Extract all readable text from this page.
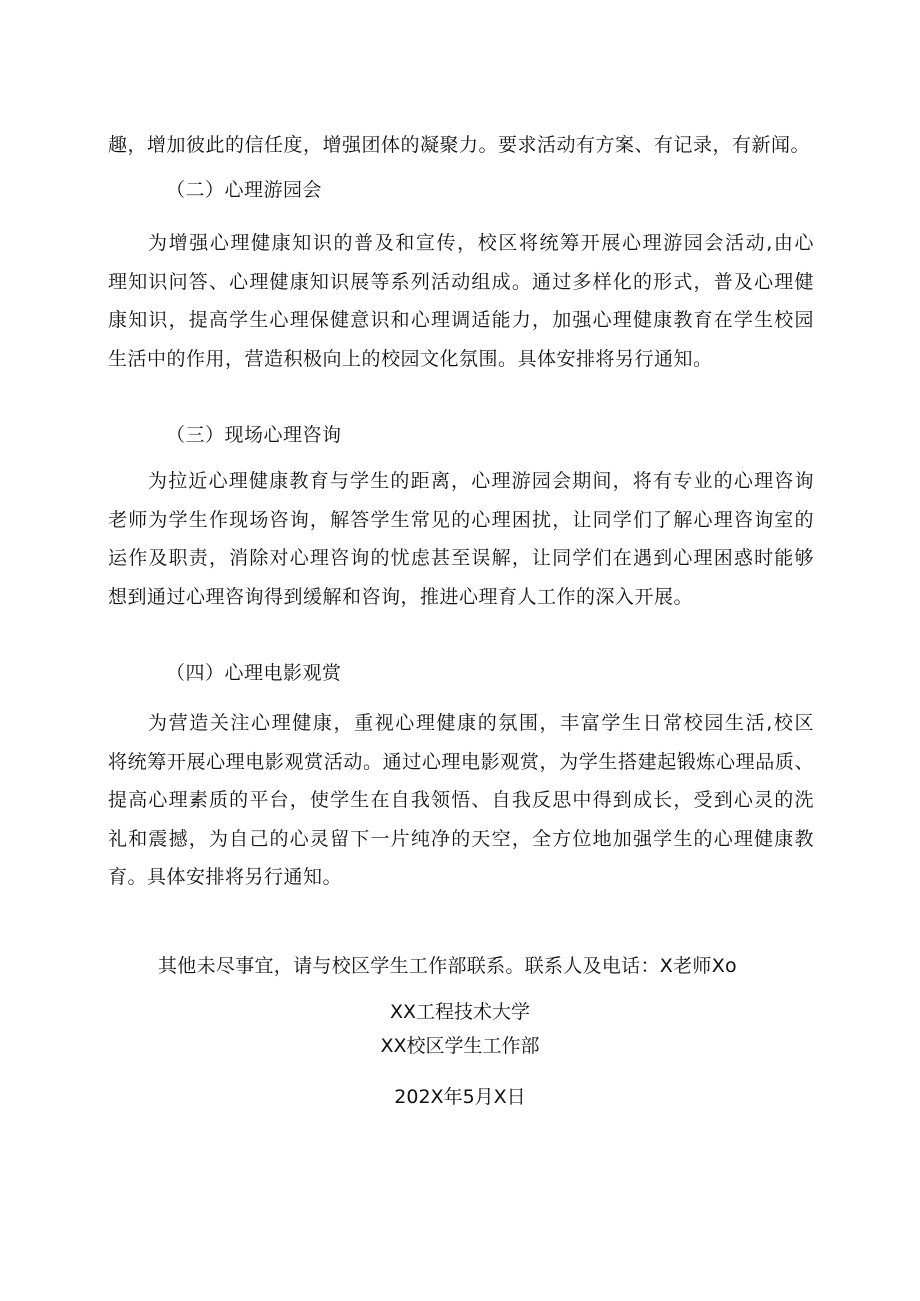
趣，增加彼此的信任度，增强团体的凝聚力。要求活动有方案、有记录，有新闻。
（二）心理游园会
为增强心理健康知识的普及和宣传，校区将统筹开展心理游园会活动,由心
理知识问答、心理健康知识展等系列活动组成。通过多样化的形式，普及心理健
康知识，提高学生心理保健意识和心理调适能力，加强心理健康教育在学生校园
生活中的作用，营造积极向上的校园文化氛围。具体安排将另行通知。
（三）现场心理咨询
为拉近心理健康教育与学生的距离，心理游园会期间，将有专业的心理咨询
老师为学生作现场咨询，解答学生常见的心理困扰，让同学们了解心理咨询室的
运作及职责，消除对心理咨询的忧虑甚至误解，让同学们在遇到心理困惑时能够
想到通过心理咨询得到缓解和咨询，推进心理育人工作的深入开展。
（四）心理电影观赏
为营造关注心理健康，重视心理健康的氛围，丰富学生日常校园生活,校区
将统筹开展心理电影观赏活动。通过心理电影观赏，为学生搭建起锻炼心理品质、
提高心理素质的平台，使学生在自我领悟、自我反思中得到成长，受到心灵的洗
礼和震撼，为自己的心灵留下一片纯净的天空，全方位地加强学生的心理健康教
育。具体安排将另行通知。
其他未尽事宜，请与校区学生工作部联系。联系人及电话：X老师Xo
XX工程技术大学
XX校区学生工作部
202X年5月X日
